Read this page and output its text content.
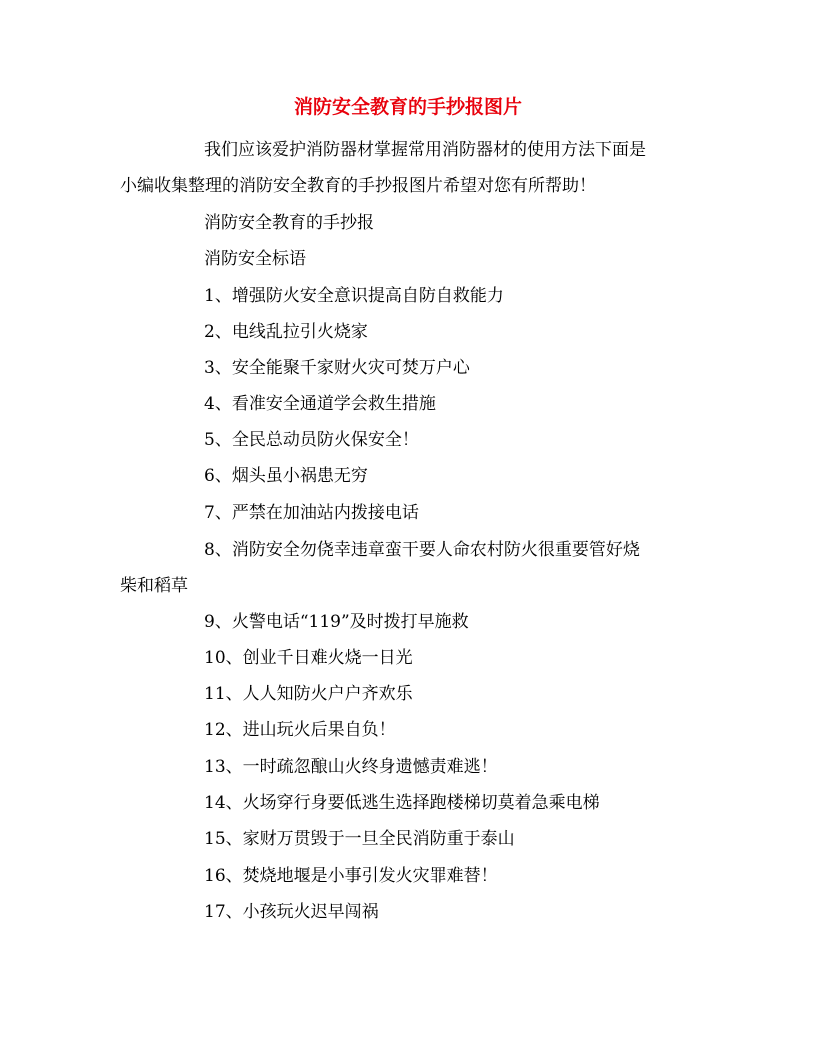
消防安全教育的手抄报图片
我们应该爱护消防器材掌握常用消防器材的使用方法下面是
小编收集整理的消防安全教育的手抄报图片希望对您有所帮助！
消防安全教育的手抄报
消防安全标语
1、增强防火安全意识提高自防自救能力
2、电线乱拉引火烧家
3、安全能聚千家财火灾可焚万户心
4、看准安全通道学会救生措施
5、全民总动员防火保安全！
6、烟头虽小祸患无穷
7、严禁在加油站内拨接电话
8、消防安全勿侥幸违章蛮干要人命农村防火很重要管好烧
柴和稻草
9、火警电话“119”及时拨打早施救
10、创业千日难火烧一日光
11、人人知防火户户齐欢乐
12、进山玩火后果自负！
13、一时疏忽酿山火终身遗憾责难逃！
14、火场穿行身要低逃生选择跑楼梯切莫着急乘电梯
15、家财万贯毁于一旦全民消防重于泰山
16、焚烧地堰是小事引发火灾罪难替！
17、小孩玩火迟早闯祸
